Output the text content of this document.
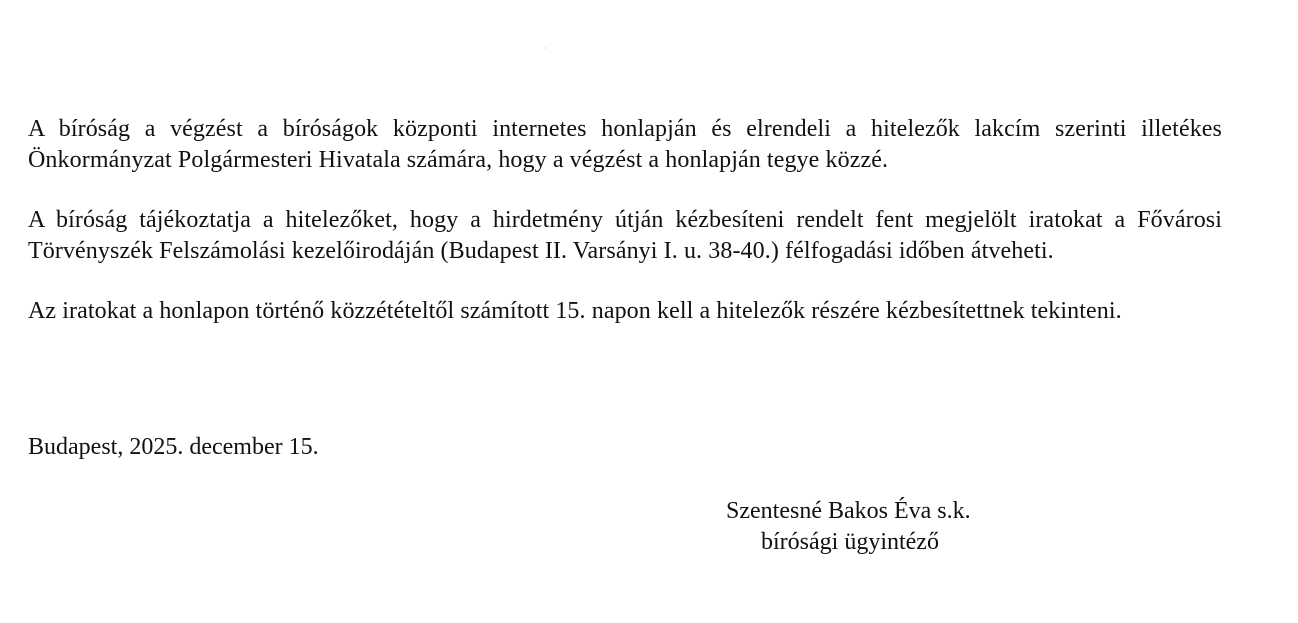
A bíróság a végzést a bíróságok központi internetes honlapján és elrendeli a hitelezők lakcím szerinti illetékes Önkormányzat Polgármesteri Hivatala számára, hogy a végzést a honlapján tegye közzé.

A bíróság tájékoztatja a hitelezőket, hogy a hirdetmény útján kézbesíteni rendelt fent megjelölt iratokat a Fővárosi Törvényszék Felszámolási kezelőirodáján (Budapest II. Varsányi I. u. 38-40.) félfogadási időben átveheti.

Az iratokat a honlapon történő közzétételtől számított 15. napon kell a hitelezők részére kézbesítettnek tekinteni.

Budapest, 2025. december 15.
Szentesné Bakos Éva s.k.
bírósági ügyintéző
